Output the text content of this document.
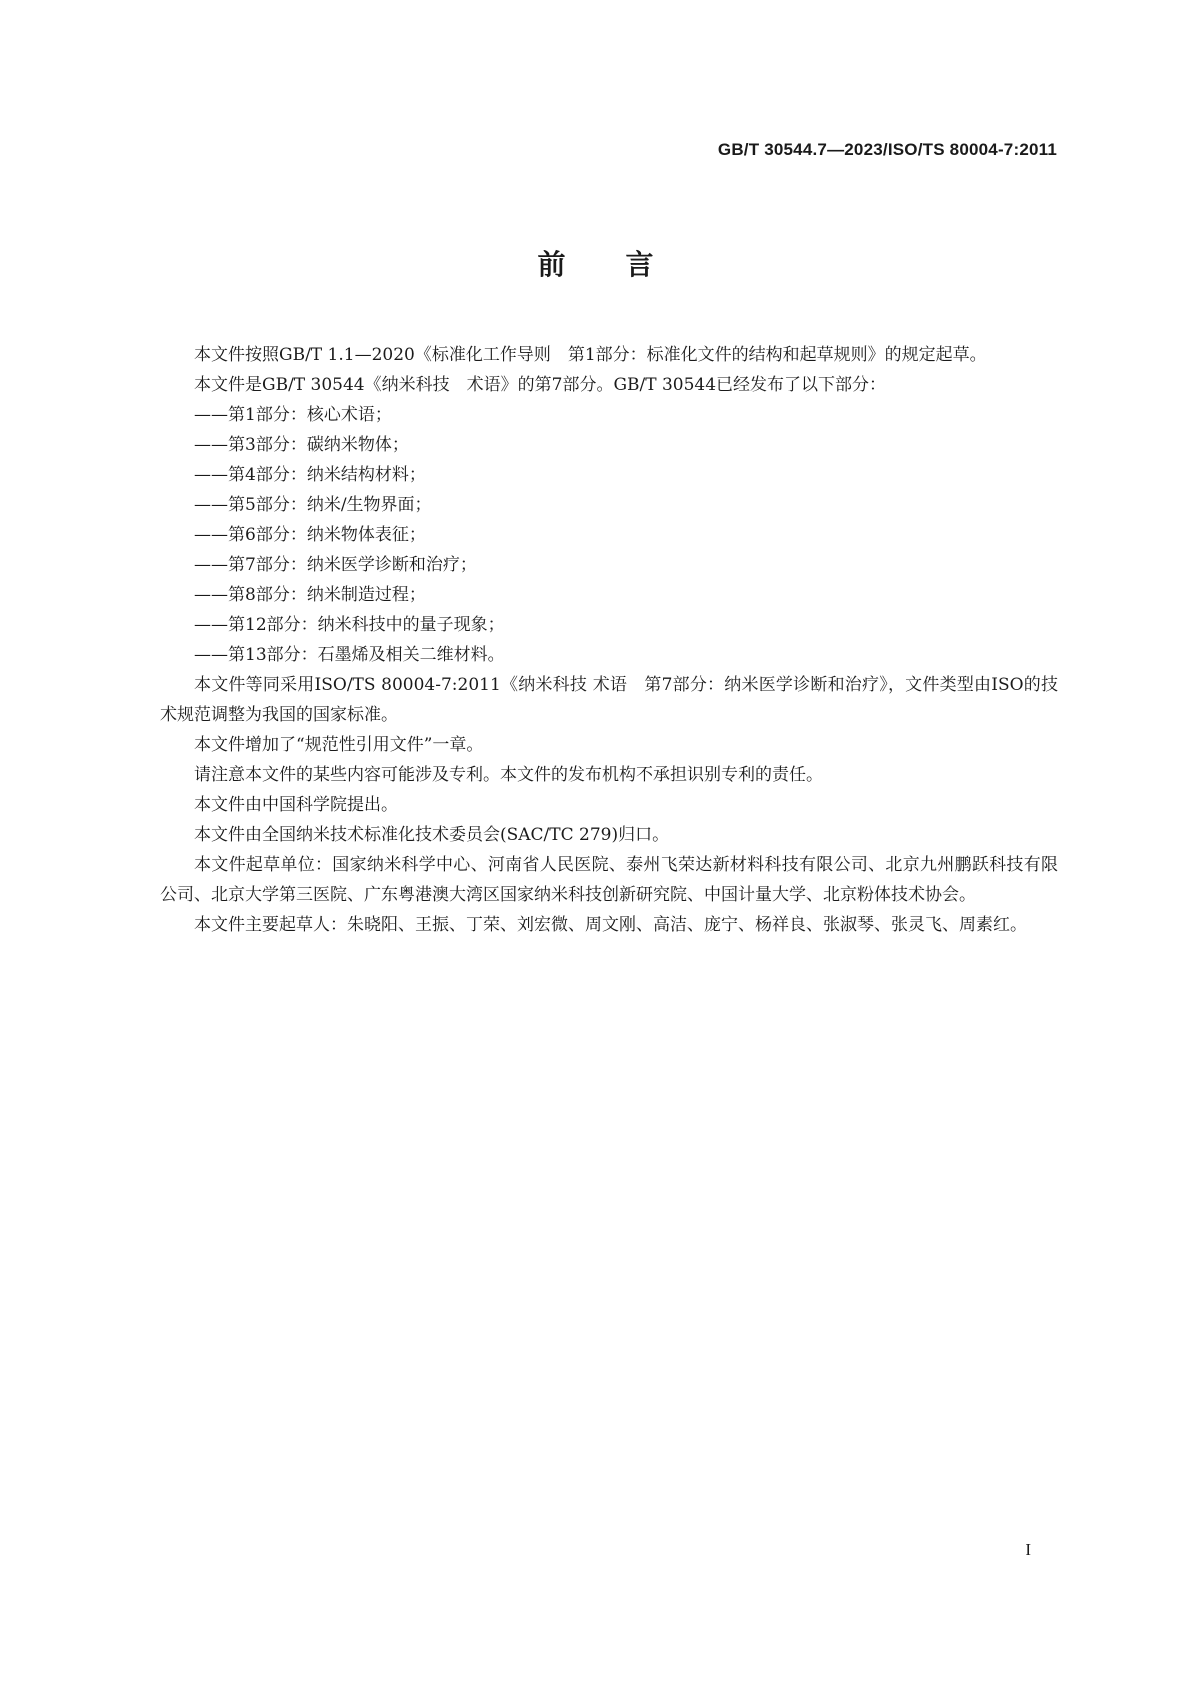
GB/T 30544.7—2023/ISO/TS 80004-7:2011
前言

本文件按照GB/T 1.1—2020《标准化工作导则　第1部分：标准化文件的结构和起草规则》的规定起草。

本文件是GB/T 30544《纳米科技　术语》的第7部分。GB/T 30544已经发布了以下部分：

——第1部分：核心术语；

——第3部分：碳纳米物体；

——第4部分：纳米结构材料；

——第5部分：纳米/生物界面；

——第6部分：纳米物体表征；

——第7部分：纳米医学诊断和治疗；

——第8部分：纳米制造过程；

——第12部分：纳米科技中的量子现象；

——第13部分：石墨烯及相关二维材料。

本文件等同采用ISO/TS 80004-7:2011《纳米科技 术语　第7部分：纳米医学诊断和治疗》，文件类型由ISO的技术规范调整为我国的国家标准。

本文件增加了“规范性引用文件”一章。

请注意本文件的某些内容可能涉及专利。本文件的发布机构不承担识别专利的责任。

本文件由中国科学院提出。

本文件由全国纳米技术标准化技术委员会(SAC/TC 279)归口。

本文件起草单位：国家纳米科学中心、河南省人民医院、泰州飞荣达新材料科技有限公司、北京九州鹏跃科技有限公司、北京大学第三医院、广东粤港澳大湾区国家纳米科技创新研究院、中国计量大学、北京粉体技术协会。

本文件主要起草人：朱晓阳、王振、丁荣、刘宏微、周文刚、高洁、庞宁、杨祥良、张淑琴、张灵飞、周素红。

I
